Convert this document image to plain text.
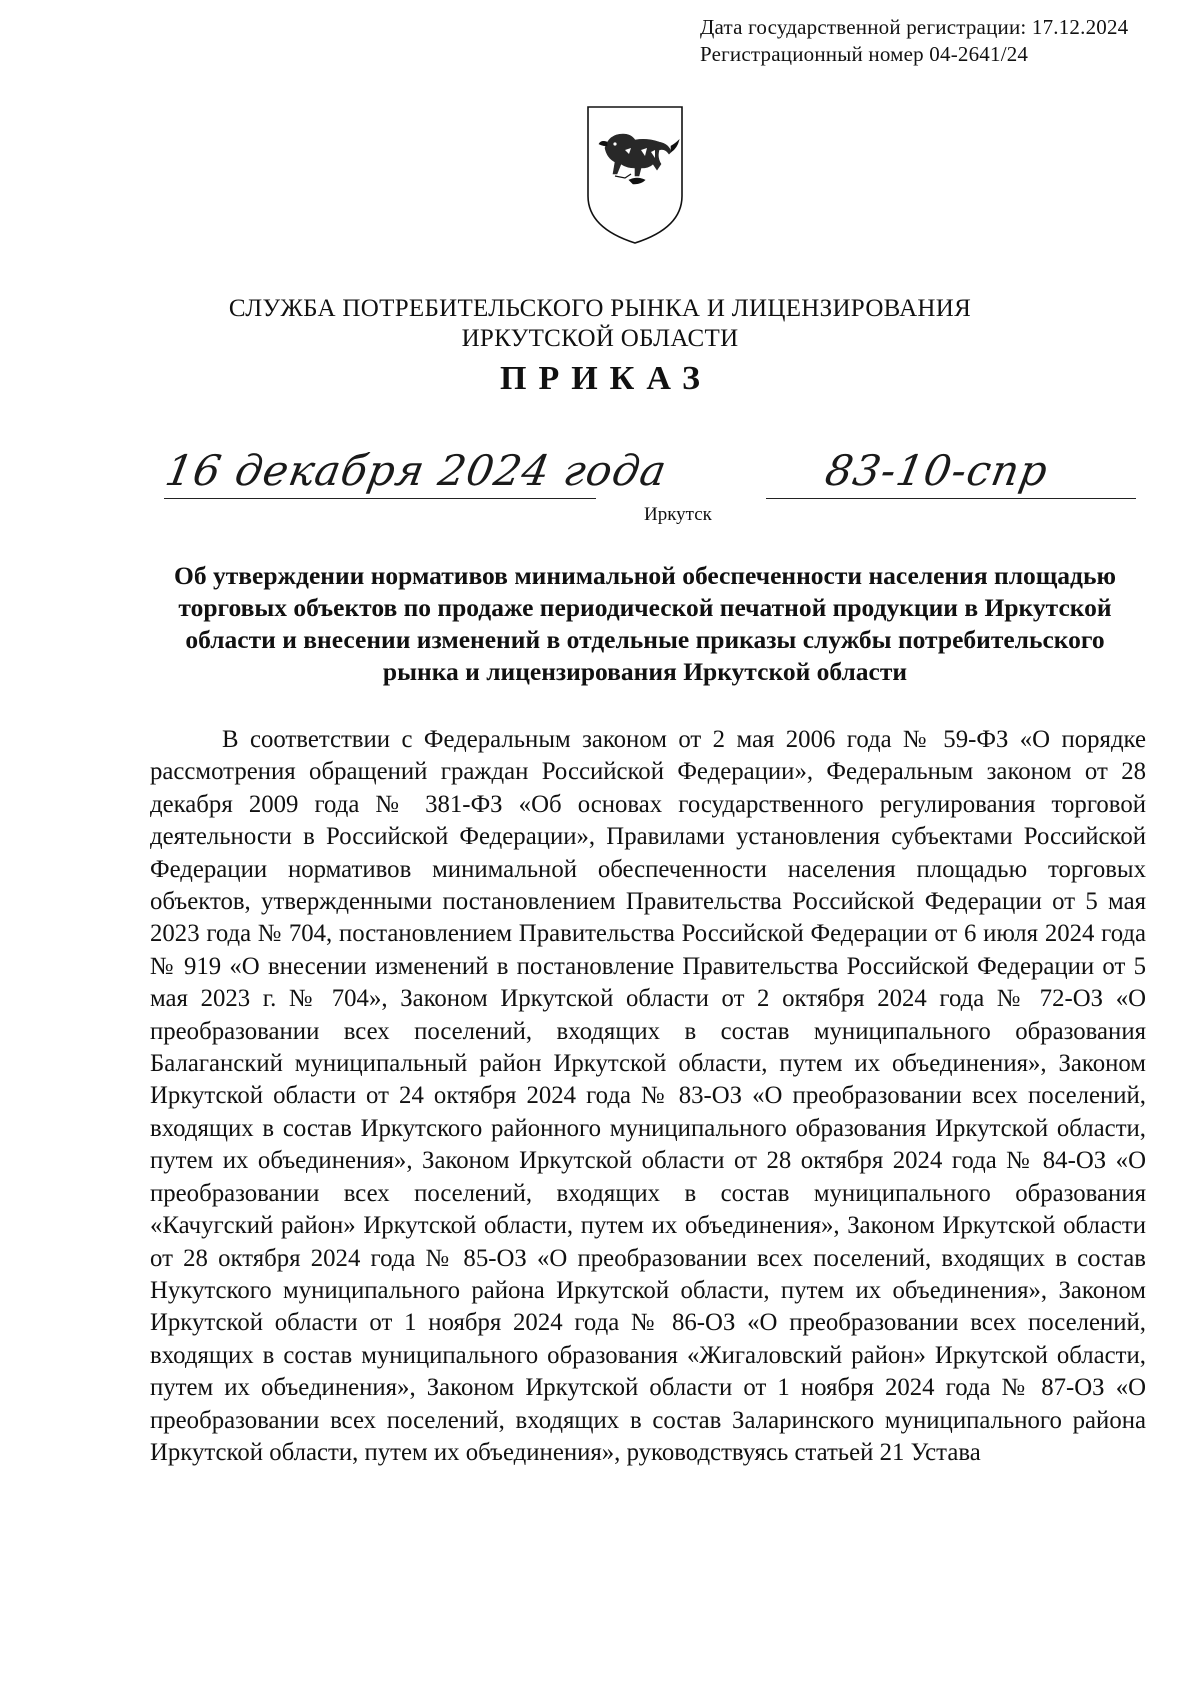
Дата государственной регистрации: 17.12.2024
Регистрационный номер 04-2641/24
СЛУЖБА ПОТРЕБИТЕЛЬСКОГО РЫНКА И ЛИЦЕНЗИРОВАНИЯ
ИРКУТСКОЙ ОБЛАСТИ
ПРИКАЗ
16 декабря 2024 года
Иркутск
83-10-спр
Об утверждении нормативов минимальной обеспеченности населения площадью торговых объектов по продаже периодической печатной продукции в Иркутской области и внесении изменений в отдельные приказы службы потребительского рынка и лицензирования Иркутской области
В соответствии с Федеральным законом от 2 мая 2006 года № 59-ФЗ «О порядке рассмотрения обращений граждан Российской Федерации», Федеральным законом от 28 декабря 2009 года № 381-ФЗ «Об основах государственного регулирования торговой деятельности в Российской Федерации», Правилами установления субъектами Российской Федерации нормативов минимальной обеспеченности населения площадью торговых объектов, утвержденными постановлением Правительства Российской Федерации от 5 мая 2023 года № 704, постановлением Правительства Российской Федерации от 6 июля 2024 года № 919 «О внесении изменений в постановление Правительства Российской Федерации от 5 мая 2023 г. № 704», Законом Иркутской области от 2 октября 2024 года № 72-ОЗ «О преобразовании всех поселений, входящих в состав муниципального образования Балаганский муниципальный район Иркутской области, путем их объединения», Законом Иркутской области от 24 октября 2024 года № 83-ОЗ «О преобразовании всех поселений, входящих в состав Иркутского районного муниципального образования Иркутской области, путем их объединения», Законом Иркутской области от 28 октября 2024 года № 84-ОЗ «О преобразовании всех поселений, входящих в состав муниципального образования «Качугский район» Иркутской области, путем их объединения», Законом Иркутской области от 28 октября 2024 года № 85-ОЗ «О преобразовании всех поселений, входящих в состав Нукутского муниципального района Иркутской области, путем их объединения», Законом Иркутской области от 1 ноября 2024 года № 86-ОЗ «О преобразовании всех поселений, входящих в состав муниципального образования «Жигаловский район» Иркутской области, путем их объединения», Законом Иркутской области от 1 ноября 2024 года № 87-ОЗ «О преобразовании всех поселений, входящих в состав Заларинского муниципального района Иркутской области, путем их объединения», руководствуясь статьей 21 Устава
